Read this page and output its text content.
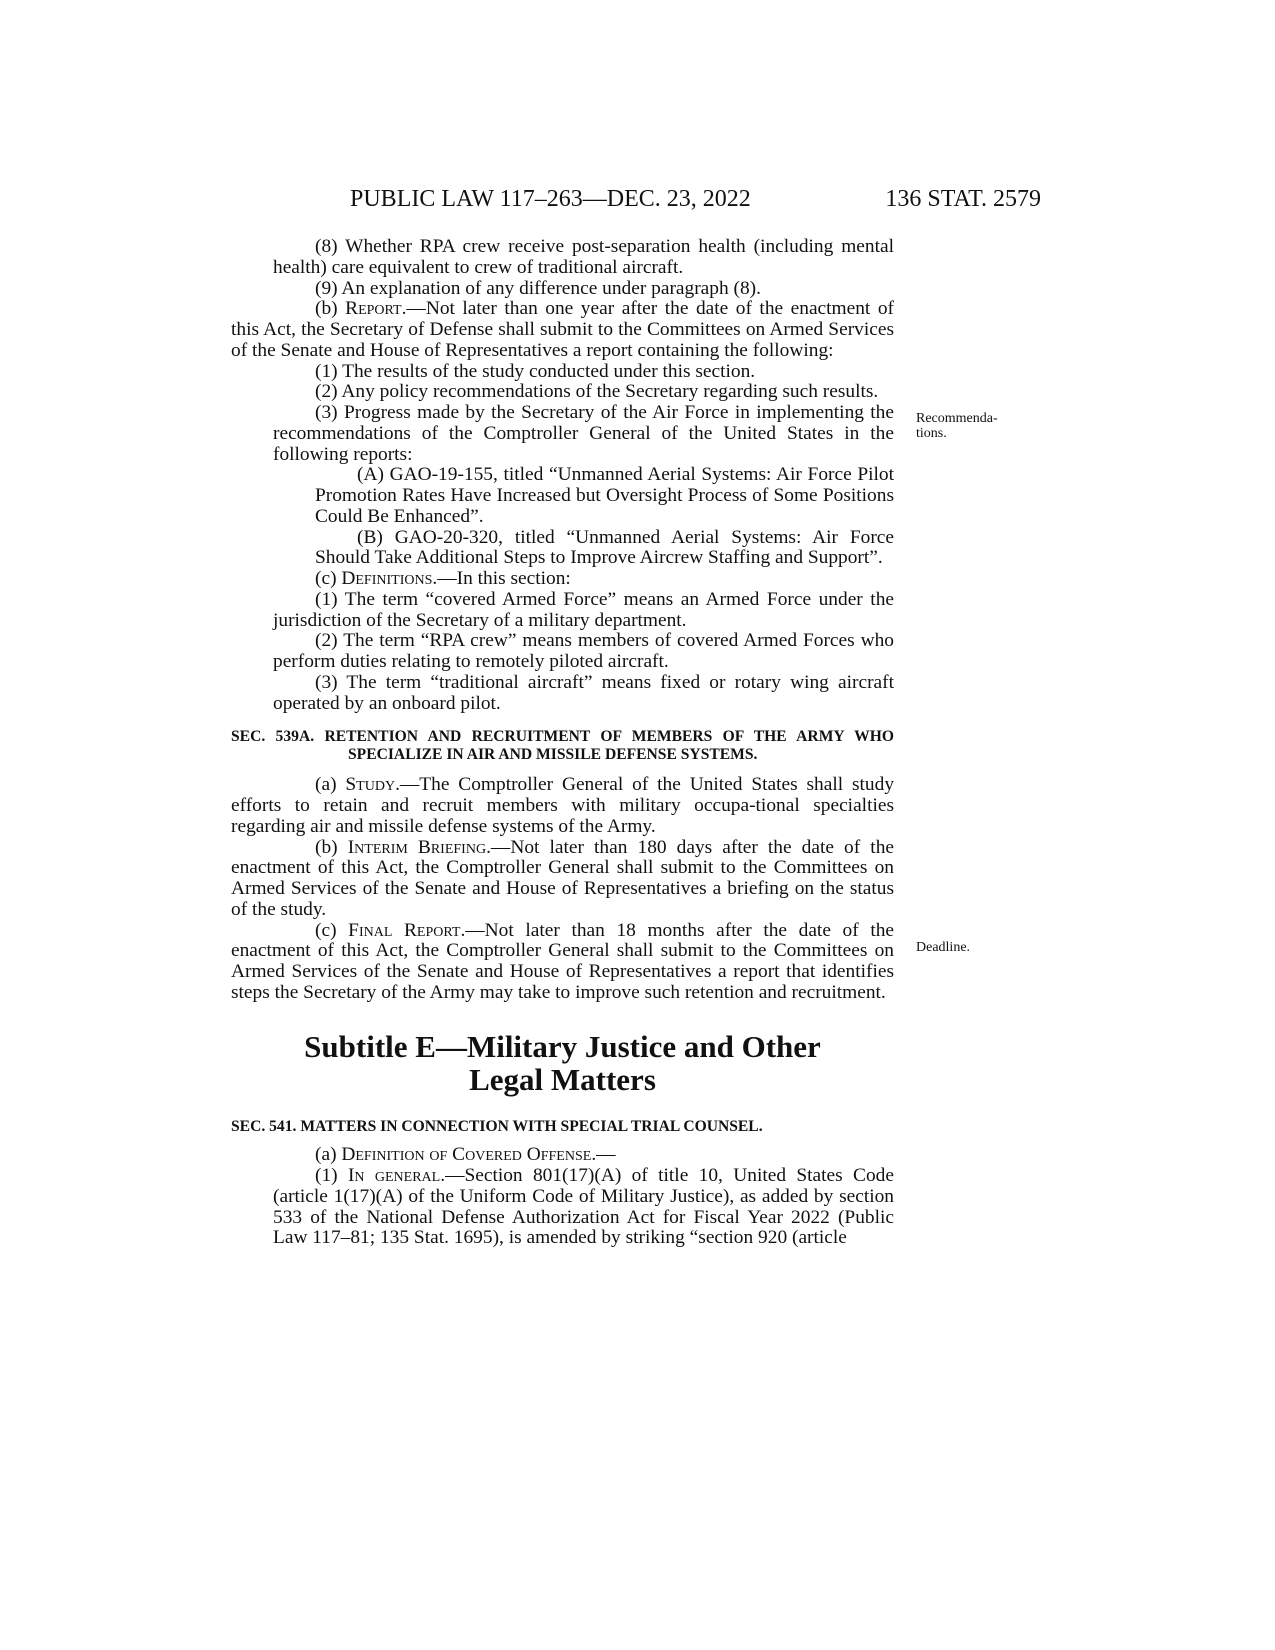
PUBLIC LAW 117–263—DEC. 23, 2022	136 STAT. 2579
Recommenda-
tions.
Deadline.

(8) Whether RPA crew receive post-separation health (including mental health) care equivalent to crew of traditional aircraft.

(9) An explanation of any difference under paragraph (8).

(b) Report.—Not later than one year after the date of the enactment of this Act, the Secretary of Defense shall submit to the Committees on Armed Services of the Senate and House of Representatives a report containing the following:

(1) The results of the study conducted under this section.

(2) Any policy recommendations of the Secretary regarding such results.

(3) Progress made by the Secretary of the Air Force in implementing the recommendations of the Comptroller General of the United States in the following reports:

(A) GAO-19-155, titled “Unmanned Aerial Systems: Air Force Pilot Promotion Rates Have Increased but Oversight Process of Some Positions Could Be Enhanced”.

(B) GAO-20-320, titled “Unmanned Aerial Systems: Air Force Should Take Additional Steps to Improve Aircrew Staffing and Support”.

(c) Definitions.—In this section:

(1) The term “covered Armed Force” means an Armed Force under the jurisdiction of the Secretary of a military department.

(2) The term “RPA crew” means members of covered Armed Forces who perform duties relating to remotely piloted aircraft.

(3) The term “traditional aircraft” means fixed or rotary wing aircraft operated by an onboard pilot.

SEC. 539A. RETENTION AND RECRUITMENT OF MEMBERS OF THE ARMY WHO SPECIALIZE IN AIR AND MISSILE DEFENSE SYSTEMS.

(a) Study.—The Comptroller General of the United States shall study efforts to retain and recruit members with military occupa-tional specialties regarding air and missile defense systems of the Army.

(b) Interim Briefing.—Not later than 180 days after the date of the enactment of this Act, the Comptroller General shall submit to the Committees on Armed Services of the Senate and House of Representatives a briefing on the status of the study.

(c) Final Report.—Not later than 18 months after the date of the enactment of this Act, the Comptroller General shall submit to the Committees on Armed Services of the Senate and House of Representatives a report that identifies steps the Secretary of the Army may take to improve such retention and recruitment.

Subtitle E—Military Justice and Other
Legal Matters

SEC. 541. MATTERS IN CONNECTION WITH SPECIAL TRIAL COUNSEL.

(a) Definition of Covered Offense.—

(1) In general.—Section 801(17)(A) of title 10, United States Code (article 1(17)(A) of the Uniform Code of Military Justice), as added by section 533 of the National Defense Authorization Act for Fiscal Year 2022 (Public Law 117–81; 135 Stat. 1695), is amended by striking “section 920 (article
